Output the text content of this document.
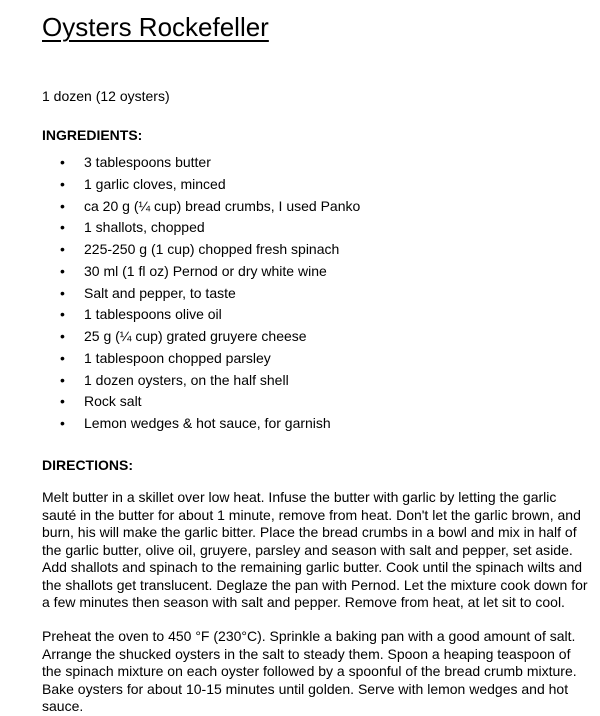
Oysters Rockefeller

1 dozen (12 oysters)

INGREDIENTS:
• 3 tablespoons butter
• 1 garlic cloves, minced
• ca 20 g (¼ cup) bread crumbs, I used Panko
• 1 shallots, chopped
• 225-250 g (1 cup) chopped fresh spinach
• 30 ml (1 fl oz) Pernod or dry white wine
• Salt and pepper, to taste
• 1 tablespoons olive oil
• 25 g (¼ cup) grated gruyere cheese
• 1 tablespoon chopped parsley
• 1 dozen oysters, on the half shell
• Rock salt
• Lemon wedges & hot sauce, for garnish
DIRECTIONS:

Melt butter in a skillet over low heat. Infuse the butter with garlic by letting the garlic sauté in the butter for about 1 minute, remove from heat. Don't let the garlic brown, and burn, his will make the garlic bitter. Place the bread crumbs in a bowl and mix in half of the garlic butter, olive oil, gruyere, parsley and season with salt and pepper, set aside.

Add shallots and spinach to the remaining garlic butter. Cook until the spinach wilts and the shallots get translucent. Deglaze the pan with Pernod. Let the mixture cook down for a few minutes then season with salt and pepper. Remove from heat, at let sit to cool.

Preheat the oven to 450 °F (230°C). Sprinkle a baking pan with a good amount of salt. Arrange the shucked oysters in the salt to steady them. Spoon a heaping teaspoon of the spinach mixture on each oyster followed by a spoonful of the bread crumb mixture. Bake oysters for about 10-15 minutes until golden. Serve with lemon wedges and hot sauce.
